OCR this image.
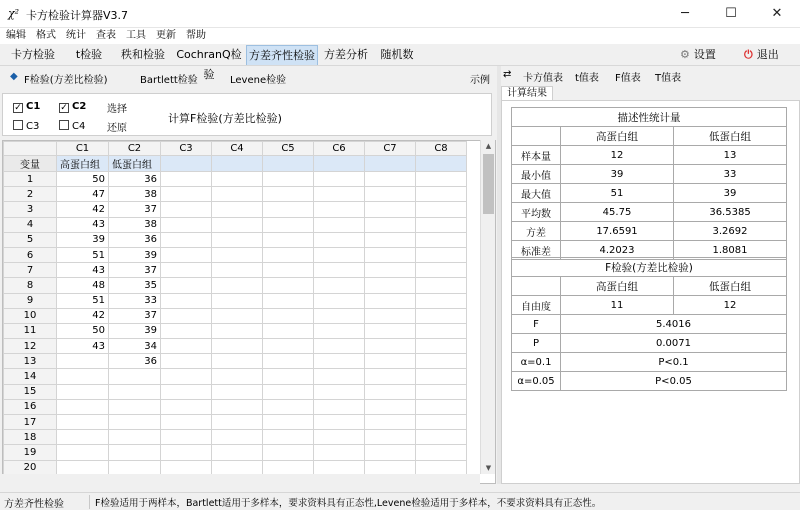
χ² 卡方检验计算器V3.7	─	☐	✕
编辑 格式 统计 查表 工具 更新 帮助
卡方检验	t检验	秩和检验	CochranQ检验
方差齐性检验 方差分析	随机数	⚙ 设置	⏻ 退出
◆ F检验(方差比检验)	Bartlett检验	Levene检验	示例
✓ C1 ✓ C2
C3	C4
选择
还原
计算F检验(方差比检验)
	C1	C2	C3	C4	C5	C6	C7	C8
变量	高蛋白组	低蛋白组						
1	50	36						
2	47	38						
3	42	37						
4	43	38						
5	39	36						
6	51	39						
7	43	37						
8	48	35						
9	51	33						
10	42	37						
11	50	39						
12	43	34						
13		36						
14								
15								
16								
17								
18								
19								
20								
▲
▼
⇄ 卡方值表 t值表 F值表 T值表
计算结果
描述性统计量		
	高蛋白组	低蛋白组
样本量	12	13
最小值	39	33
最大值	51	39
平均数	45.75	36.5385
方差	17.6591	3.2692
标准差	4.2023	1.8081
F检验(方差比检验)		
	高蛋白组	低蛋白组
自由度	11	12
F	5.4016	
P	0.0071	
α=0.1	P<0.1	
α=0.05	P<0.05	
方差齐性检验	F检验适用于两样本，Bartlett适用于多样本，要求资料具有正态性,Levene检验适用于多样本，不要求资料具有正态性。
